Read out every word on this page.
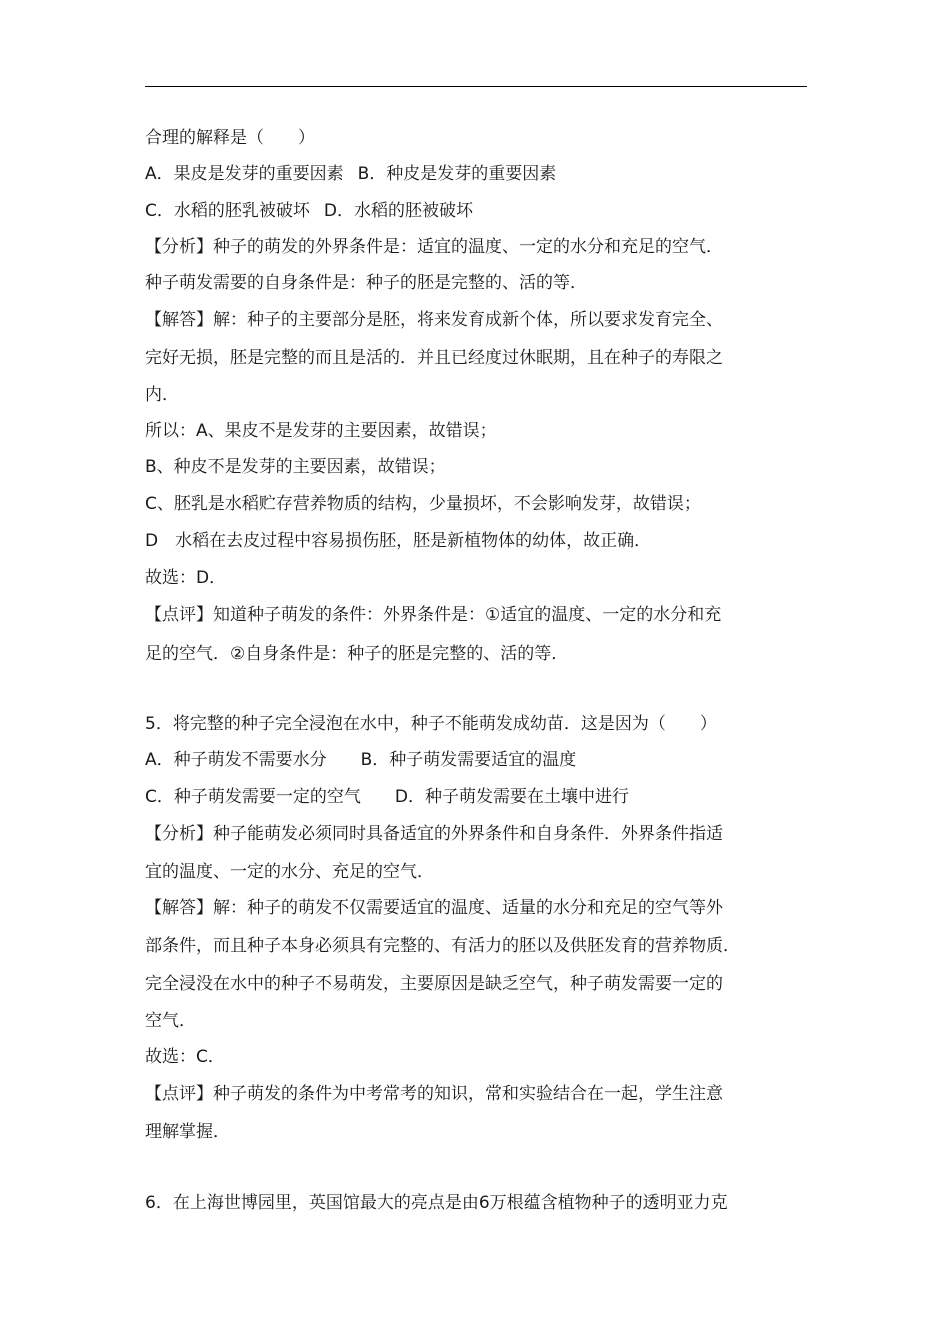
合理的解释是（　　）
A．果皮是发芽的重要因素 B．种皮是发芽的重要因素
C．水稻的胚乳被破坏 D．水稻的胚被破坏
【分析】种子的萌发的外界条件是：适宜的温度、一定的水分和充足的空气．
种子萌发需要的自身条件是：种子的胚是完整的、活的等．
【解答】解：种子的主要部分是胚，将来发育成新个体，所以要求发育完全、
完好无损，胚是完整的而且是活的．并且已经度过休眠期，且在种子的寿限之
内．
所以：A、果皮不是发芽的主要因素，故错误；
B、种皮不是发芽的主要因素，故错误；
C、胚乳是水稻贮存营养物质的结构，少量损坏，不会影响发芽，故错误；
D　水稻在去皮过程中容易损伤胚，胚是新植物体的幼体，故正确．
故选：D．
【点评】知道种子萌发的条件：外界条件是：①适宜的温度、一定的水分和充
足的空气．②自身条件是：种子的胚是完整的、活的等．
5．将完整的种子完全浸泡在水中，种子不能萌发成幼苗．这是因为（　　）
A．种子萌发不需要水分 B．种子萌发需要适宜的温度
C．种子萌发需要一定的空气 D．种子萌发需要在土壤中进行
【分析】种子能萌发必须同时具备适宜的外界条件和自身条件．外界条件指适
宜的温度、一定的水分、充足的空气．
【解答】解：种子的萌发不仅需要适宜的温度、适量的水分和充足的空气等外
部条件，而且种子本身必须具有完整的、有活力的胚以及供胚发育的营养物质．
完全浸没在水中的种子不易萌发，主要原因是缺乏空气，种子萌发需要一定的
空气．
故选：C．
【点评】种子萌发的条件为中考常考的知识，常和实验结合在一起，学生注意
理解掌握．
6．在上海世博园里，英国馆最大的亮点是由6万根蕴含植物种子的透明亚力克
